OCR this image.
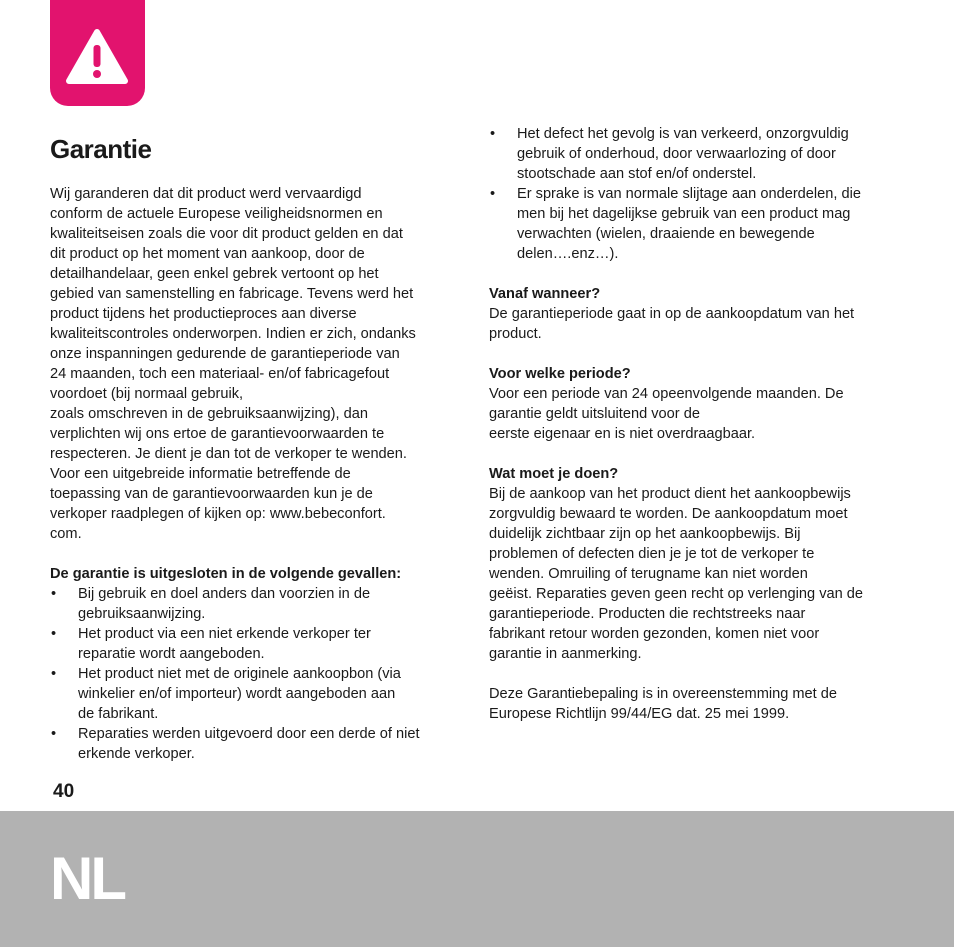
Garantie
Wij garanderen dat dit product werd vervaardigd
conform de actuele Europese veiligheidsnormen en
kwaliteitseisen zoals die voor dit product gelden en dat
dit product op het moment van aankoop, door de
detailhandelaar, geen enkel gebrek vertoont op het
gebied van samenstelling en fabricage. Tevens werd het
product tijdens het productieproces aan diverse
kwaliteitscontroles onderworpen. Indien er zich, ondanks
onze inspanningen gedurende de garantieperiode van
24 maanden, toch een materiaal- en/of fabricagefout
voordoet (bij normaal gebruik,
zoals omschreven in de gebruiksaanwijzing), dan
verplichten wij ons ertoe de garantievoorwaarden te
respecteren. Je dient je dan tot de verkoper te wenden.
Voor een uitgebreide informatie betreffende de
toepassing van de garantievoorwaarden kun je de
verkoper raadplegen of kijken op: www.bebeconfort.
com.
De garantie is uitgesloten in de volgende gevallen:
• Bij gebruik en doel anders dan voorzien in de
gebruiksaanwijzing.
• Het product via een niet erkende verkoper ter
reparatie wordt aangeboden.
• Het product niet met de originele aankoopbon (via
winkelier en/of importeur) wordt aangeboden aan
de fabrikant.
• Reparaties werden uitgevoerd door een derde of niet
erkende verkoper.
• Het defect het gevolg is van verkeerd, onzorgvuldig
gebruik of onderhoud, door verwaarlozing of door
stootschade aan stof en/of onderstel.
• Er sprake is van normale slijtage aan onderdelen, die
men bij het dagelijkse gebruik van een product mag
verwachten (wielen, draaiende en bewegende
delen….enz…).
Vanaf wanneer?
De garantieperiode gaat in op de aankoopdatum van het
product.
Voor welke periode?
Voor een periode van 24 opeenvolgende maanden. De
garantie geldt uitsluitend voor de
eerste eigenaar en is niet overdraagbaar.
Wat moet je doen?
Bij de aankoop van het product dient het aankoopbewijs
zorgvuldig bewaard te worden. De aankoopdatum moet
duidelijk zichtbaar zijn op het aankoopbewijs. Bij
problemen of defecten dien je je tot de verkoper te
wenden. Omruiling of terugname kan niet worden
geëist. Reparaties geven geen recht op verlenging van de
garantieperiode. Producten die rechtstreeks naar
fabrikant retour worden gezonden, komen niet voor
garantie in aanmerking.
Deze Garantiebepaling is in overeenstemming met de
Europese Richtlijn 99/44/EG dat. 25 mei 1999.
40
NL
